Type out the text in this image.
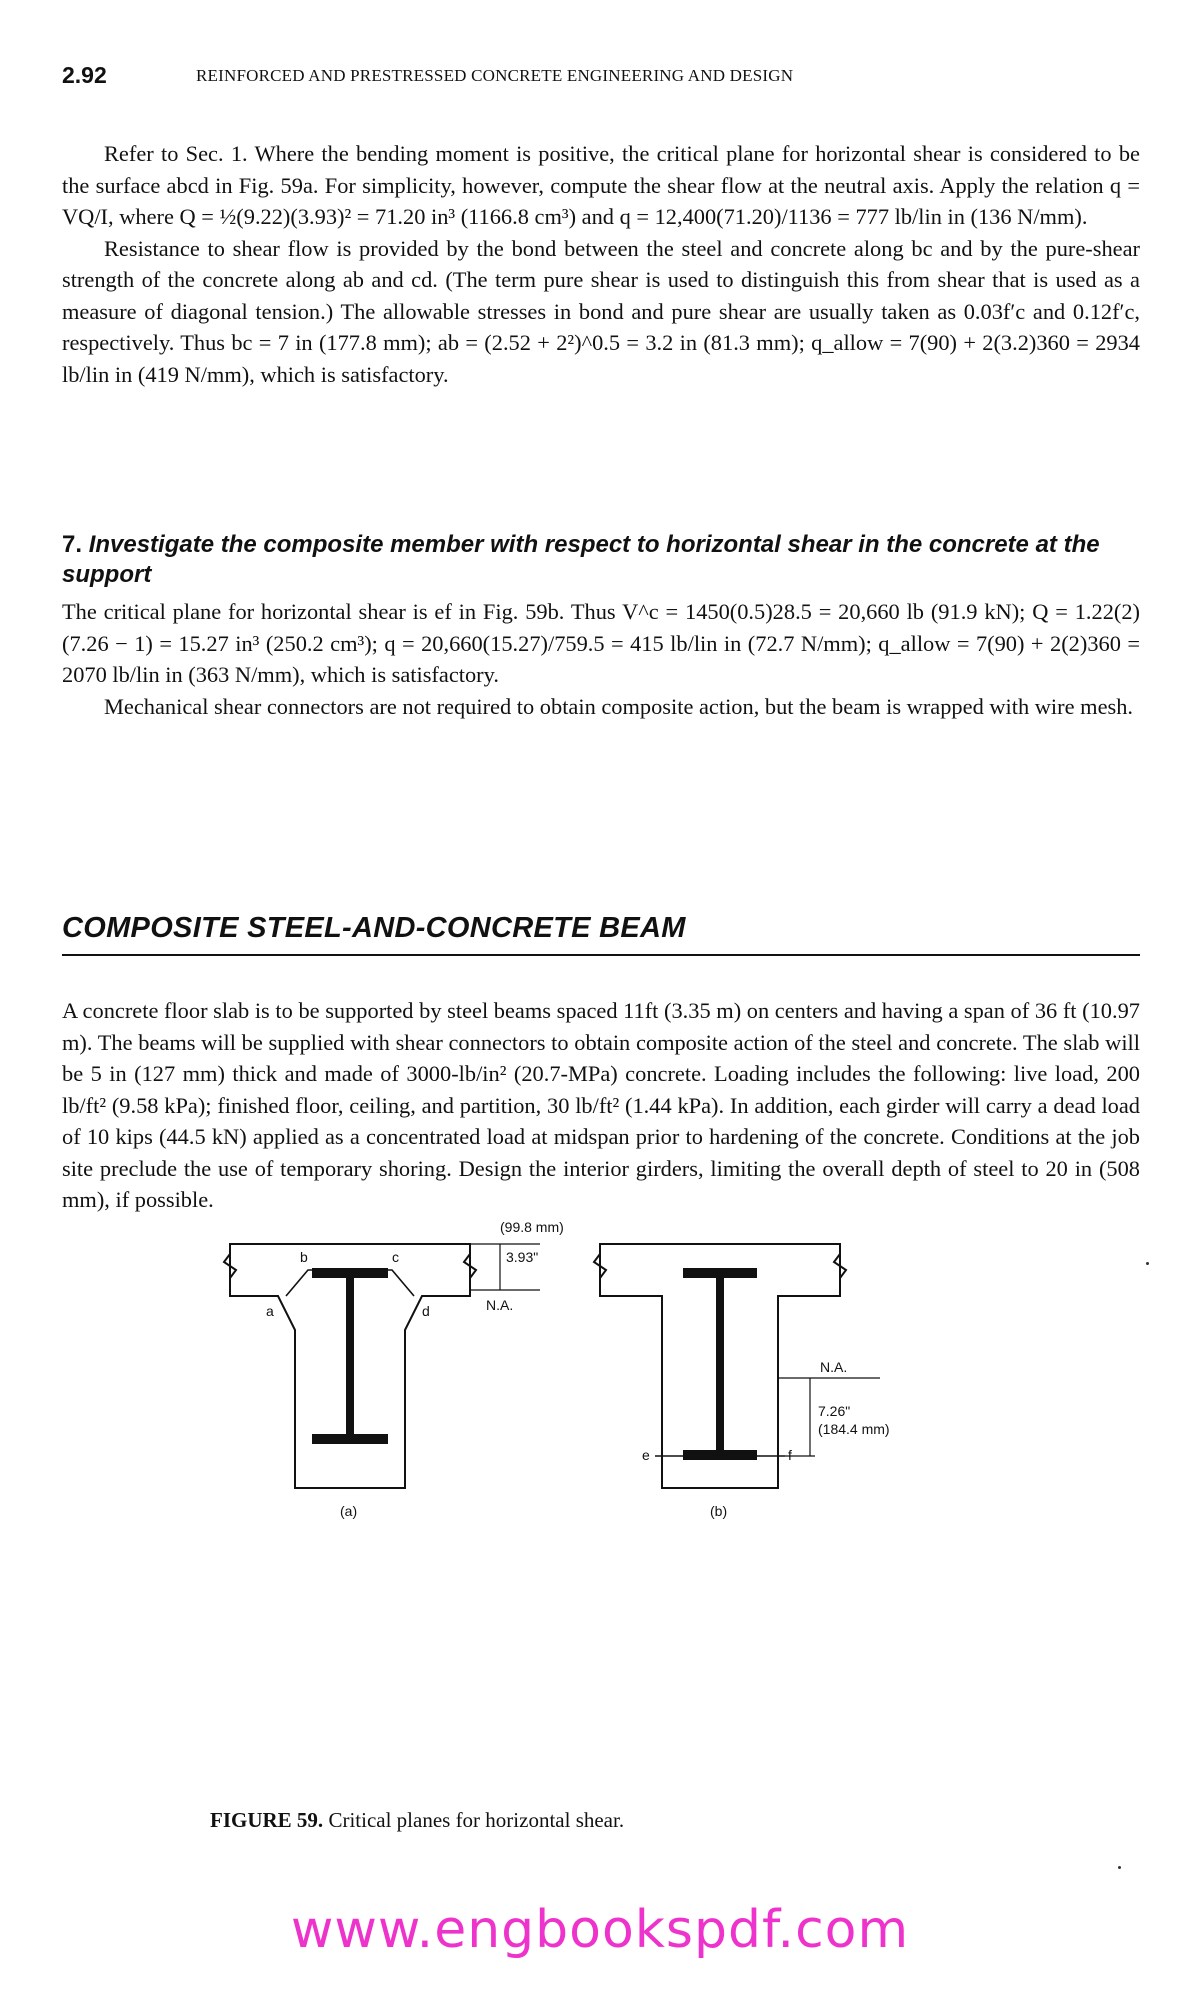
2.92	REINFORCED AND PRESTRESSED CONCRETE ENGINEERING AND DESIGN

Refer to Sec. 1. Where the bending moment is positive, the critical plane for horizontal shear is considered to be the surface abcd in Fig. 59a. For simplicity, however, compute the shear flow at the neutral axis. Apply the relation q = VQ/I, where Q = ½(9.22)(3.93)² = 71.20 in³ (1166.8 cm³) and q = 12,400(71.20)/1136 = 777 lb/lin in (136 N/mm).

Resistance to shear flow is provided by the bond between the steel and concrete along bc and by the pure-shear strength of the concrete along ab and cd. (The term pure shear is used to distinguish this from shear that is used as a measure of diagonal tension.) The allowable stresses in bond and pure shear are usually taken as 0.03f′c and 0.12f′c, respectively. Thus bc = 7 in (177.8 mm); ab = (2.52 + 2²)^0.5 = 3.2 in (81.3 mm); q_allow = 7(90) + 2(3.2)360 = 2934 lb/lin in (419 N/mm), which is satisfactory.

7. Investigate the composite member with respect to horizontal shear in the concrete at the support

The critical plane for horizontal shear is ef in Fig. 59b. Thus V^c = 1450(0.5)28.5 = 20,660 lb (91.9 kN); Q = 1.22(2)(7.26 − 1) = 15.27 in³ (250.2 cm³); q = 20,660(15.27)/759.5 = 415 lb/lin in (72.7 N/mm); q_allow = 7(90) + 2(2)360 = 2070 lb/lin in (363 N/mm), which is satisfactory.

Mechanical shear connectors are not required to obtain composite action, but the beam is wrapped with wire mesh.

COMPOSITE STEEL-AND-CONCRETE BEAM

A concrete floor slab is to be supported by steel beams spaced 11ft (3.35 m) on centers and having a span of 36 ft (10.97 m). The beams will be supplied with shear connectors to obtain composite action of the steel and concrete. The slab will be 5 in (127 mm) thick and made of 3000-lb/in² (20.7-MPa) concrete. Loading includes the following: live load, 200 lb/ft² (9.58 kPa); finished floor, ceiling, and partition, 30 lb/ft² (1.44 kPa). In addition, each girder will carry a dead load of 10 kips (44.5 kN) applied as a concentrated load at midspan prior to hardening of the concrete. Conditions at the job site preclude the use of temporary shoring. Design the interior girders, limiting the overall depth of steel to 20 in (508 mm), if possible.

(99.8 mm)
3.93"
N.A.
a
b	c
d
(a)
N.A.
7.26"
(184.4 mm)
e	f
(b)
FIGURE 59. Critical planes for horizontal shear.
www.engbookspdf.com
